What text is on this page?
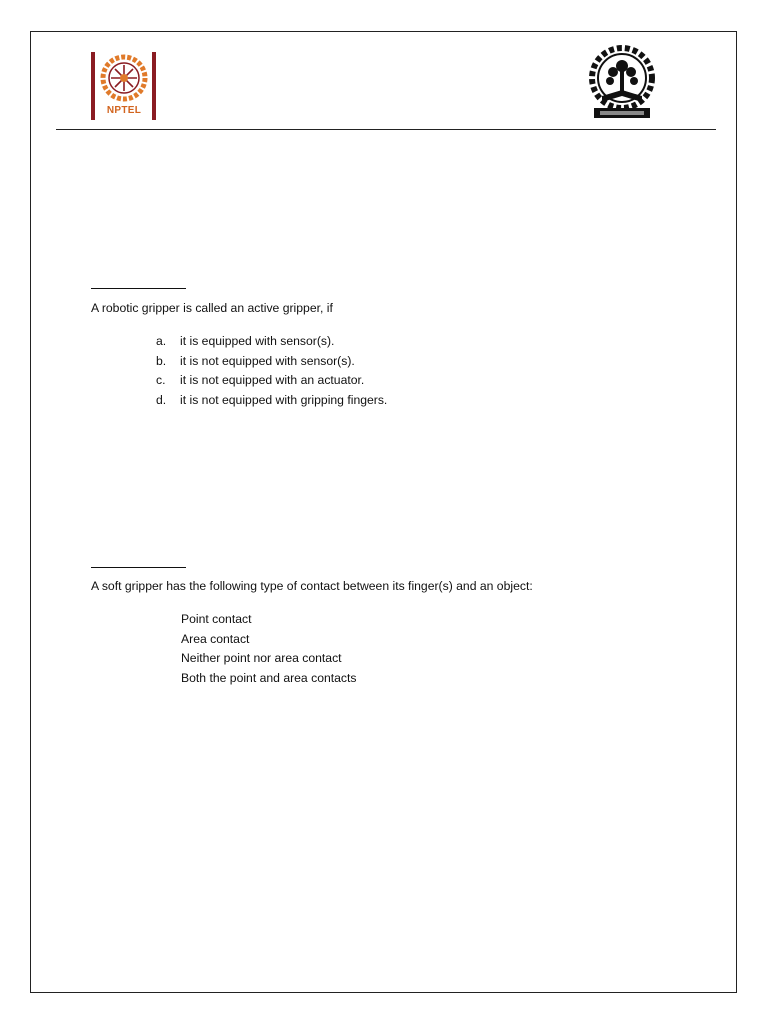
NPTEL
A robotic gripper is called an active gripper, if
a.	it is equipped with sensor(s).
b.	it is not equipped with sensor(s).
c.	it is not equipped with an actuator.
d.	it is not equipped with gripping fingers.
A soft gripper has the following type of contact between its finger(s) and an object:
Point contact
Area contact
Neither point nor area contact
Both the point and area contacts
